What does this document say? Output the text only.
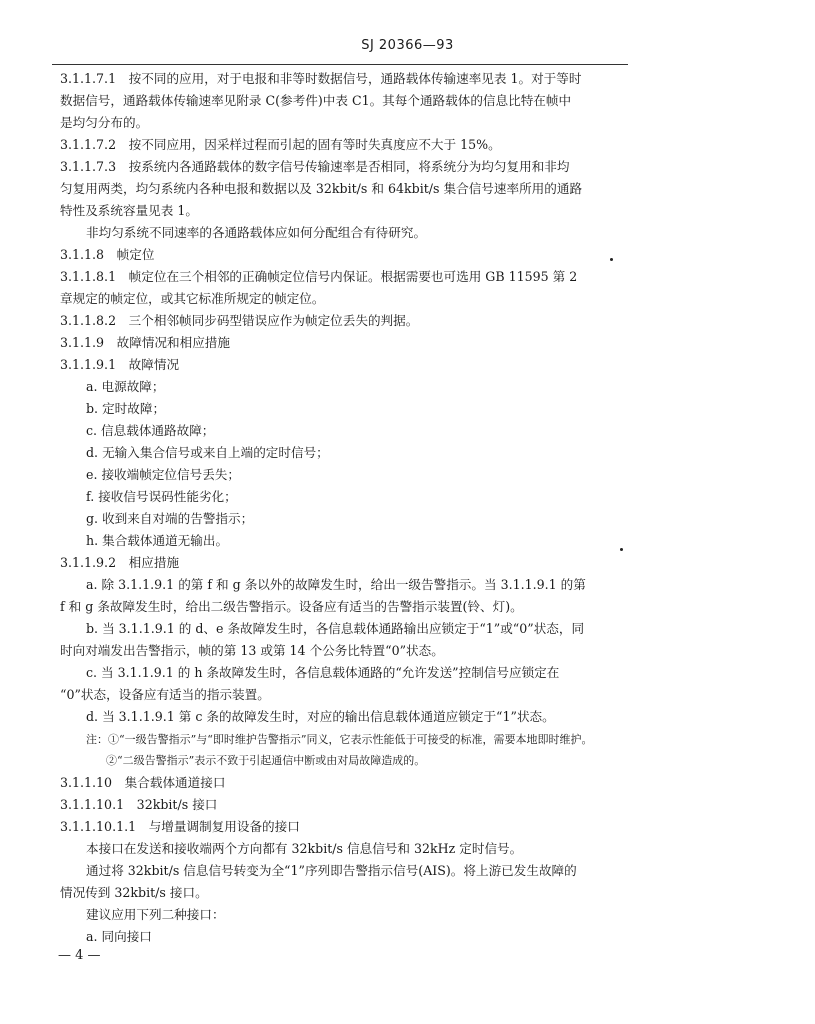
SJ 20366—93
3.1.1.7.1　按不同的应用，对于电报和非等时数据信号，通路载体传输速率见表 1。对于等时
数据信号，通路载体传输速率见附录 C(参考件)中表 C1。其每个通路载体的信息比特在帧中
是均匀分布的。
3.1.1.7.2　按不同应用，因采样过程而引起的固有等时失真度应不大于 15%。
3.1.1.7.3　按系统内各通路载体的数字信号传输速率是否相同，将系统分为均匀复用和非均
匀复用两类，均匀系统内各种电报和数据以及 32kbit/s 和 64kbit/s 集合信号速率所用的通路
特性及系统容量见表 1。
非均匀系统不同速率的各通路载体应如何分配组合有待研究。
3.1.1.8　帧定位
3.1.1.8.1　帧定位在三个相邻的正确帧定位信号内保证。根据需要也可选用 GB 11595 第 2
章规定的帧定位，或其它标准所规定的帧定位。
3.1.1.8.2　三个相邻帧同步码型错误应作为帧定位丢失的判据。
3.1.1.9　故障情况和相应措施
3.1.1.9.1　故障情况
a. 电源故障；
b. 定时故障；
c. 信息载体通路故障；
d. 无输入集合信号或来自上端的定时信号；
e. 接收端帧定位信号丢失；
f. 接收信号误码性能劣化；
g. 收到来自对端的告警指示；
h. 集合载体通道无输出。
3.1.1.9.2　相应措施
a. 除 3.1.1.9.1 的第 f 和 g 条以外的故障发生时，给出一级告警指示。当 3.1.1.9.1 的第
f 和 g 条故障发生时，给出二级告警指示。设备应有适当的告警指示装置(铃、灯)。
b. 当 3.1.1.9.1 的 d、e 条故障发生时，各信息载体通路输出应锁定于“1”或“0”状态，同
时向对端发出告警指示，帧的第 13 或第 14 个公务比特置“0”状态。
c. 当 3.1.1.9.1 的 h 条故障发生时，各信息载体通路的“允许发送”控制信号应锁定在
“0”状态，设备应有适当的指示装置。
d. 当 3.1.1.9.1 第 c 条的故障发生时，对应的输出信息载体通道应锁定于“1”状态。
注：①“一级告警指示”与“即时维护告警指示”同义，它表示性能低于可接受的标准，需要本地即时维护。
②“二级告警指示”表示不致于引起通信中断或由对局故障造成的。
3.1.1.10　集合载体通道接口
3.1.1.10.1　32kbit/s 接口
3.1.1.10.1.1　与增量调制复用设备的接口
本接口在发送和接收端两个方向都有 32kbit/s 信息信号和 32kHz 定时信号。
通过将 32kbit/s 信息信号转变为全“1”序列即告警指示信号(AIS)。将上游已发生故障的
情况传到 32kbit/s 接口。
建议应用下列二种接口：
a. 同向接口
— 4 —
